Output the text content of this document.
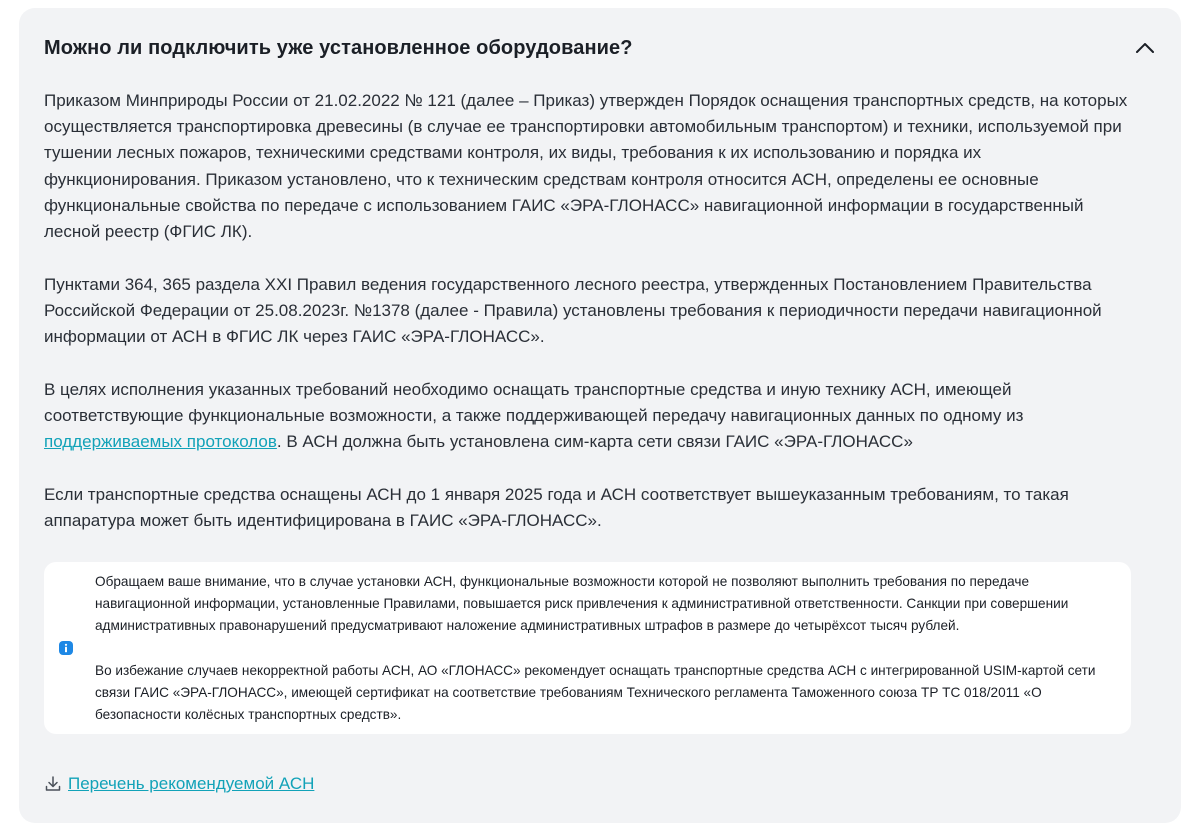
Можно ли подключить уже установленное оборудование?

Приказом Минприроды России от 21.02.2022 № 121 (далее – Приказ) утвержден Порядок оснащения транспортных средств, на которых осуществляется транспортировка древесины (в случае ее транспортировки автомобильным транспортом) и техники, используемой при тушении лесных пожаров, техническими средствами контроля, их виды, требования к их использованию и порядка их функционирования. Приказом установлено, что к техническим средствам контроля относится АСН, определены ее основные функциональные свойства по передаче с использованием ГАИС «ЭРА-ГЛОНАСС» навигационной информации в государственный лесной реестр (ФГИС ЛК).

Пунктами 364, 365 раздела XXI Правил ведения государственного лесного реестра, утвержденных Постановлением Правительства Российской Федерации от 25.08.2023г. №1378 (далее - Правила) установлены требования к периодичности передачи навигационной информации от АСН в ФГИС ЛК через ГАИС «ЭРА-ГЛОНАСС».

В целях исполнения указанных требований необходимо оснащать транспортные средства и иную технику АСН, имеющей соответствующие функциональные возможности, а также поддерживающей передачу навигационных данных по одному из поддерживаемых протоколов. В АСН должна быть установлена сим-карта сети связи ГАИС «ЭРА-ГЛОНАСС»

Если транспортные средства оснащены АСН до 1 января 2025 года и АСН соответствует вышеуказанным требованиям, то такая аппаратура может быть идентифицирована в ГАИС «ЭРА-ГЛОНАСС».

Обращаем ваше внимание, что в случае установки АСН, функциональные возможности которой не позволяют выполнить требования по передаче навигационной информации, установленные Правилами, повышается риск привлечения к административной ответственности. Санкции при совершении административных правонарушений предусматривают наложение административных штрафов в размере до четырёхсот тысяч рублей.

Во избежание случаев некорректной работы АСН, АО «ГЛОНАСС» рекомендует оснащать транспортные средства АСН с интегрированной USIM-картой сети связи ГАИС «ЭРА-ГЛОНАСС», имеющей сертификат на соответствие требованиям Технического регламента Таможенного союза ТР ТС 018/2011 «О безопасности колёсных транспортных средств».

Перечень рекомендуемой АСН
